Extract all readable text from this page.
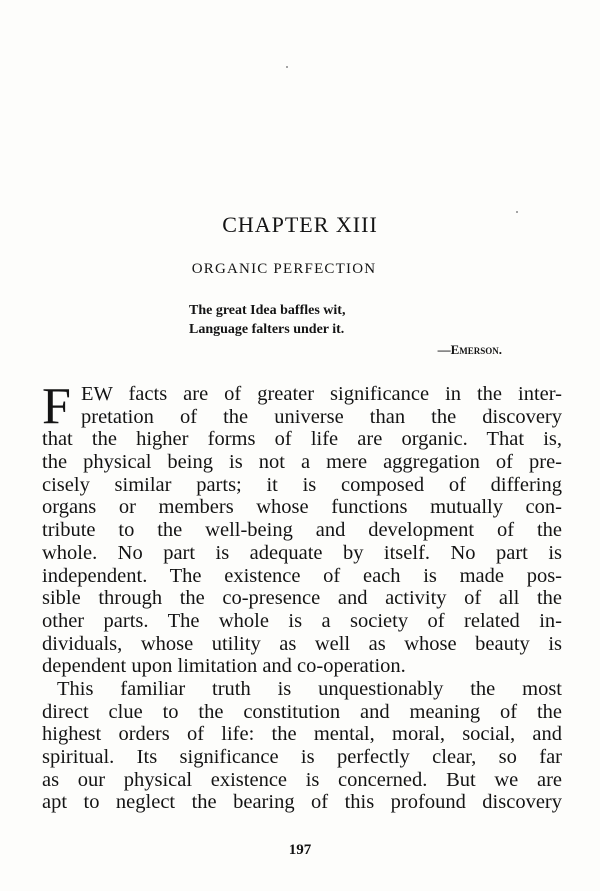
CHAPTER XIII
ORGANIC PERFECTION
The great Idea baffles wit,
Language falters under it.
—Emerson.
F EW facts are of greater significance in the inter-
pretation of the universe than the discovery
that the higher forms of life are organic. That is,
the physical being is not a mere aggregation of pre-
cisely similar parts; it is composed of differing
organs or members whose functions mutually con-
tribute to the well-being and development of the
whole. No part is adequate by itself. No part is
independent. The existence of each is made pos-
sible through the co-presence and activity of all the
other parts. The whole is a society of related in-
dividuals, whose utility as well as whose beauty is
dependent upon limitation and co-operation.
This familiar truth is unquestionably the most
direct clue to the constitution and meaning of the
highest orders of life: the mental, moral, social, and
spiritual. Its significance is perfectly clear, so far
as our physical existence is concerned. But we are
apt to neglect the bearing of this profound discovery
197
